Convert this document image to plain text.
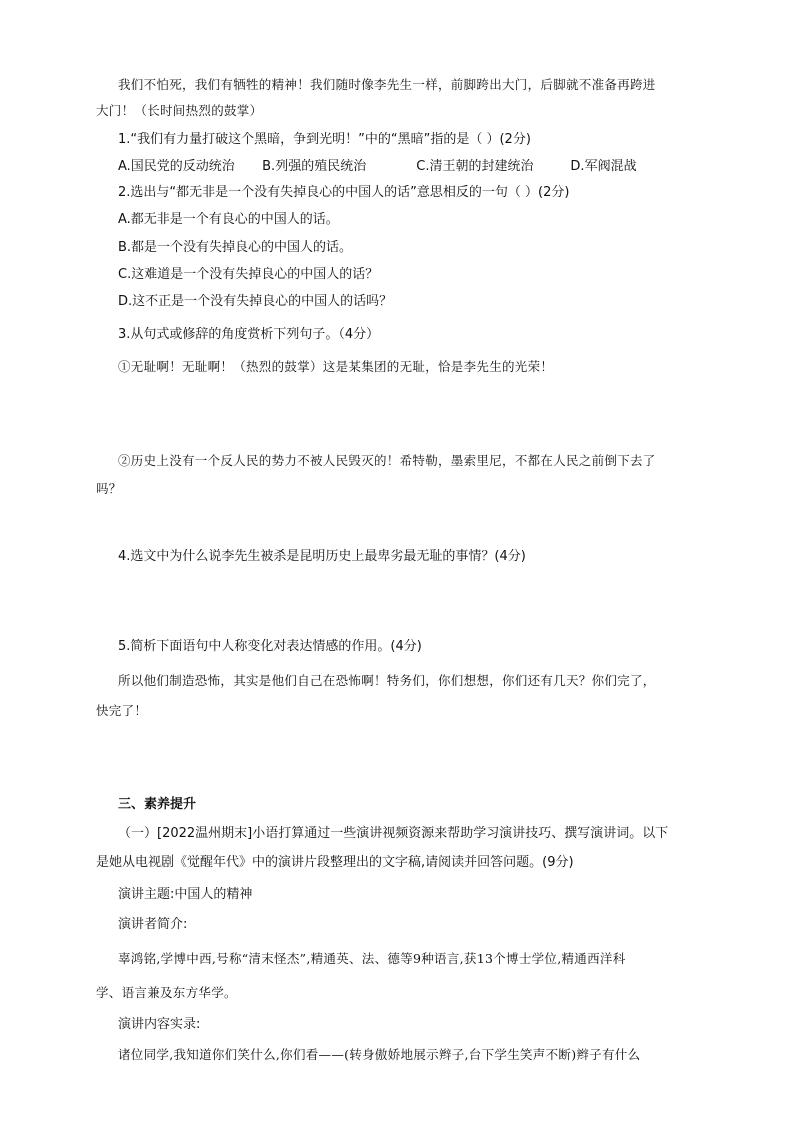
我们不怕死，我们有牺牲的精神！我们随时像李先生一样，前脚跨出大门，后脚就不准备再跨进
大门！（长时间热烈的鼓掌）
1.“我们有力量打破这个黑暗，争到光明！”中的“黑暗”指的是（ ）(2分)
A.国民党的反动统治 B.列强的殖民统治	C.清王朝的封建统治	D.军阀混战
2.选出与“都无非是一个没有失掉良心的中国人的话”意思相反的一句（ ）(2分)
A.都无非是一个有良心的中国人的话。
B.都是一个没有失掉良心的中国人的话。
C.这难道是一个没有失掉良心的中国人的话？
D.这不正是一个没有失掉良心的中国人的话吗？
3.从句式或修辞的角度赏析下列句子。（4分）
①无耻啊！无耻啊！（热烈的鼓掌）这是某集团的无耻，恰是李先生的光荣！
②历史上没有一个反人民的势力不被人民毁灭的！希特勒，墨索里尼，不都在人民之前倒下去了
吗？
4.选文中为什么说李先生被杀是昆明历史上最卑劣最无耻的事情？(4分)
5.简析下面语句中人称变化对表达情感的作用。(4分)
所以他们制造恐怖，其实是他们自己在恐怖啊！特务们，你们想想，你们还有几天？你们完了，
快完了！
三、素养提升
（一）[2022温州期末]小语打算通过一些演讲视频资源来帮助学习演讲技巧、撰写演讲词。以下
是她从电视剧《觉醒年代》中的演讲片段整理出的文字稿,请阅读并回答问题。(9分)
演讲主题:中国人的精神
演讲者简介:
辜鸿铭,学博中西,号称“清末怪杰”,精通英、法、德等9种语言,获13个博士学位,精通西洋科
学、语言兼及东方华学。
演讲内容实录:
诸位同学,我知道你们笑什么,你们看——(转身傲娇地展示辫子,台下学生笑声不断)辫子有什么
